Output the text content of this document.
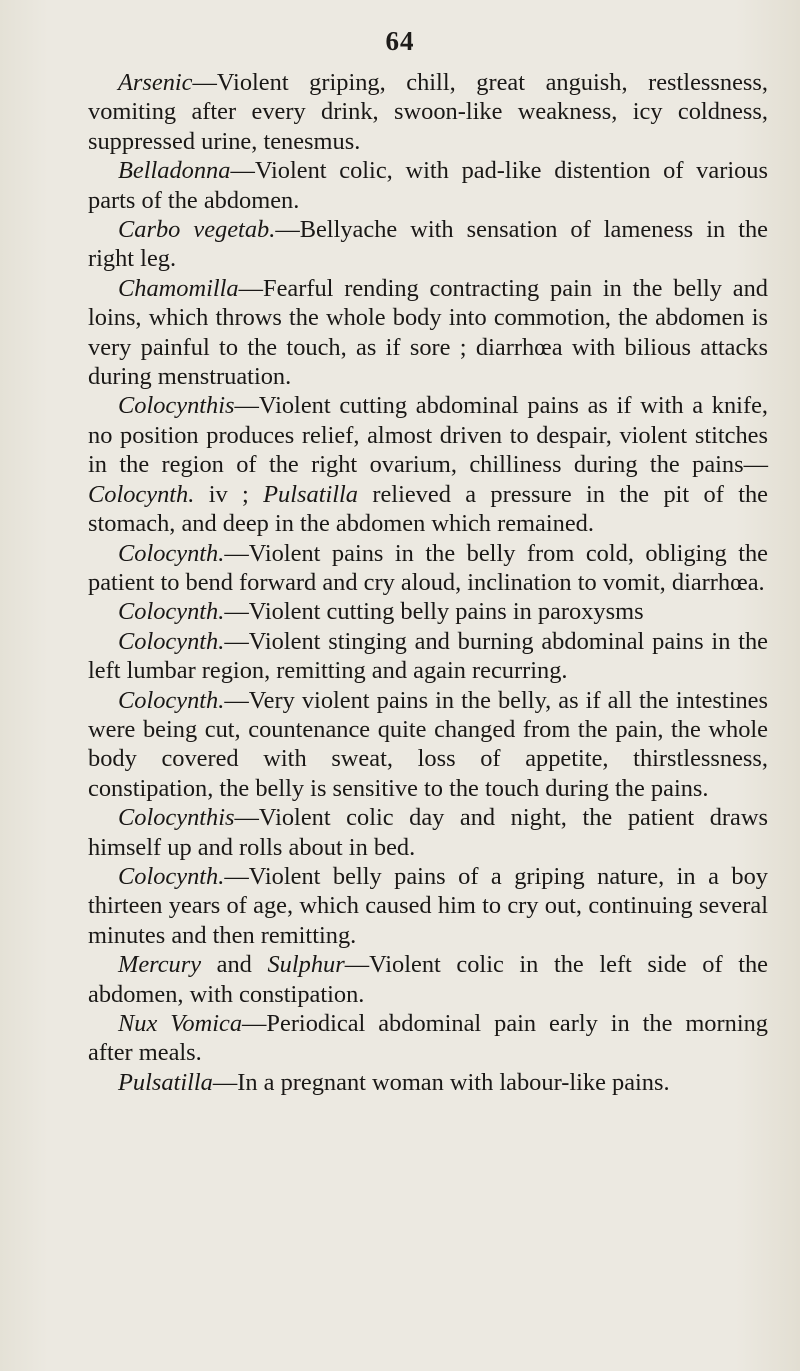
64

Arsenic—Violent griping, chill, great anguish, restlessness, vomiting after every drink, swoon-like weakness, icy coldness, suppressed urine, tenesmus.

Belladonna—Violent colic, with pad-like distention of various parts of the abdomen.

Carbo vegetab.—Bellyache with sensation of lameness in the right leg.

Chamomilla—Fearful rending contracting pain in the belly and loins, which throws the whole body into commotion, the abdomen is very painful to the touch, as if sore ; diarrhœa with bilious attacks during menstruation.

Colocynthis—Violent cutting abdominal pains as if with a knife, no position produces relief, almost driven to despair, violent stitches in the region of the right ovarium, chilliness during the pains—Colocynth. iv ; Pulsatilla relieved a pressure in the pit of the stomach, and deep in the abdomen which remained.

Colocynth.—Violent pains in the belly from cold, obliging the patient to bend forward and cry aloud, inclination to vomit, diarrhœa.

Colocynth.—Violent cutting belly pains in paroxysms

Colocynth.—Violent stinging and burning abdominal pains in the left lumbar region, remitting and again recurring.

Colocynth.—Very violent pains in the belly, as if all the intestines were being cut, countenance quite changed from the pain, the whole body covered with sweat, loss of appetite, thirstlessness, constipation, the belly is sensitive to the touch during the pains.

Colocynthis—Violent colic day and night, the patient draws himself up and rolls about in bed.

Colocynth.—Violent belly pains of a griping nature, in a boy thirteen years of age, which caused him to cry out, continuing several minutes and then remitting.

Mercury and Sulphur—Violent colic in the left side of the abdomen, with constipation.

Nux Vomica—Periodical abdominal pain early in the morning after meals.

Pulsatilla—In a pregnant woman with labour-like pains.
